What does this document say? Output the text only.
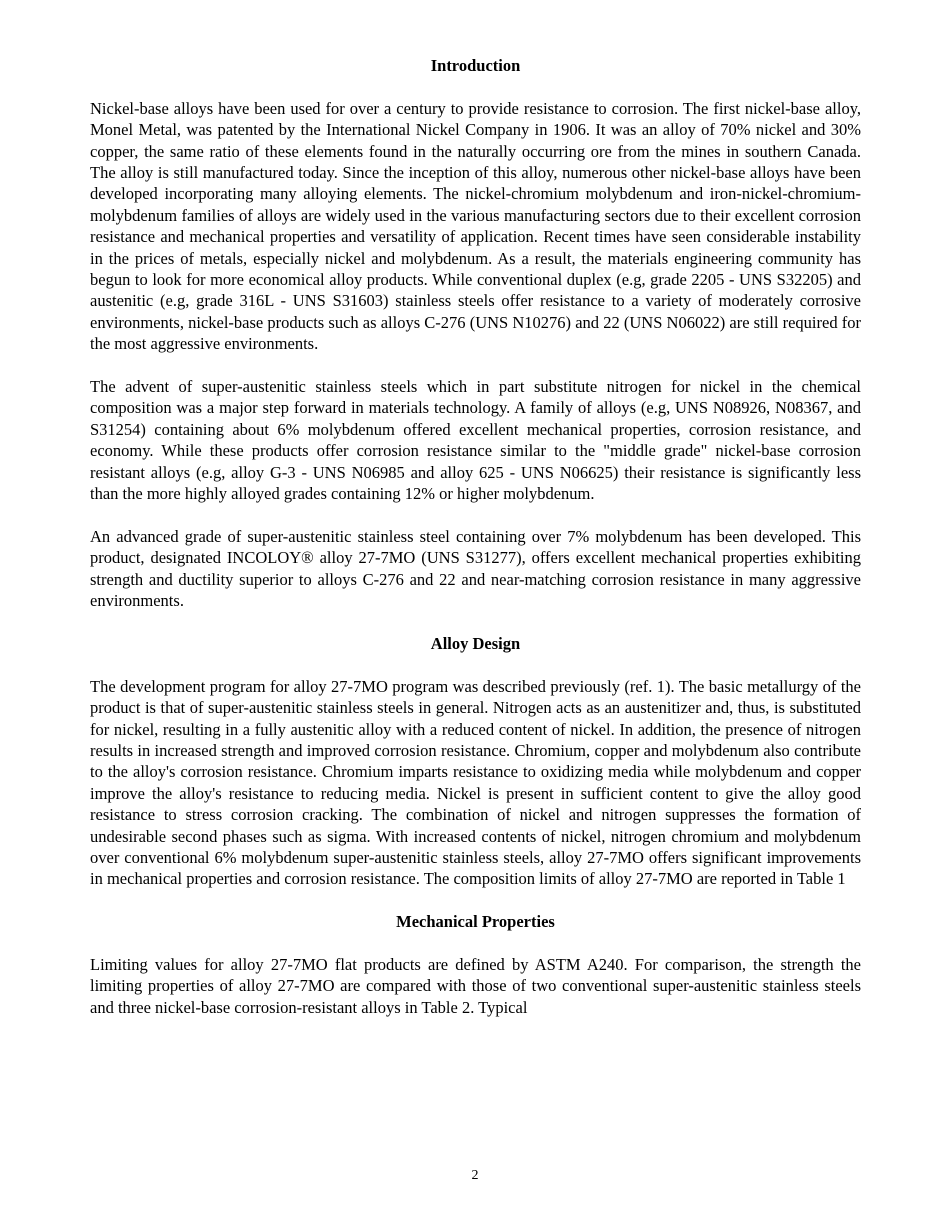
Introduction

Nickel-base alloys have been used for over a century to provide resistance to corrosion. The first nickel-base alloy, Monel Metal, was patented by the International Nickel Company in 1906. It was an alloy of 70% nickel and 30% copper, the same ratio of these elements found in the naturally occurring ore from the mines in southern Canada. The alloy is still manufactured today. Since the inception of this alloy, numerous other nickel-base alloys have been developed incorporating many alloying elements. The nickel-chromium molybdenum and iron-nickel-chromium-molybdenum families of alloys are widely used in the various manufacturing sectors due to their excellent corrosion resistance and mechanical properties and versatility of application. Recent times have seen considerable instability in the prices of metals, especially nickel and molybdenum. As a result, the materials engineering community has begun to look for more economical alloy products. While conventional duplex (e.g, grade 2205 - UNS S32205) and austenitic (e.g, grade 316L - UNS S31603) stainless steels offer resistance to a variety of moderately corrosive environments, nickel-base products such as alloys C-276 (UNS N10276) and 22 (UNS N06022) are still required for the most aggressive environments.

The advent of super-austenitic stainless steels which in part substitute nitrogen for nickel in the chemical composition was a major step forward in materials technology. A family of alloys (e.g, UNS N08926, N08367, and S31254) containing about 6% molybdenum offered excellent mechanical properties, corrosion resistance, and economy. While these products offer corrosion resistance similar to the "middle grade" nickel-base corrosion resistant alloys (e.g, alloy G-3 - UNS N06985 and alloy 625 - UNS N06625) their resistance is significantly less than the more highly alloyed grades containing 12% or higher molybdenum.

An advanced grade of super-austenitic stainless steel containing over 7% molybdenum has been developed. This product, designated INCOLOY® alloy 27-7MO (UNS S31277), offers excellent mechanical properties exhibiting strength and ductility superior to alloys C-276 and 22 and near-matching corrosion resistance in many aggressive environments.

Alloy Design

The development program for alloy 27-7MO program was described previously (ref. 1). The basic metallurgy of the product is that of super-austenitic stainless steels in general. Nitrogen acts as an austenitizer and, thus, is substituted for nickel, resulting in a fully austenitic alloy with a reduced content of nickel. In addition, the presence of nitrogen results in increased strength and improved corrosion resistance. Chromium, copper and molybdenum also contribute to the alloy's corrosion resistance. Chromium imparts resistance to oxidizing media while molybdenum and copper improve the alloy's resistance to reducing media. Nickel is present in sufficient content to give the alloy good resistance to stress corrosion cracking. The combination of nickel and nitrogen suppresses the formation of undesirable second phases such as sigma. With increased contents of nickel, nitrogen chromium and molybdenum over conventional 6% molybdenum super-austenitic stainless steels, alloy 27-7MO offers significant improvements in mechanical properties and corrosion resistance. The composition limits of alloy 27-7MO are reported in Table 1

Mechanical Properties

Limiting values for alloy 27-7MO flat products are defined by ASTM A240. For comparison, the strength the limiting properties of alloy 27-7MO are compared with those of two conventional super-austenitic stainless steels and three nickel-base corrosion-resistant alloys in Table 2. Typical

2
